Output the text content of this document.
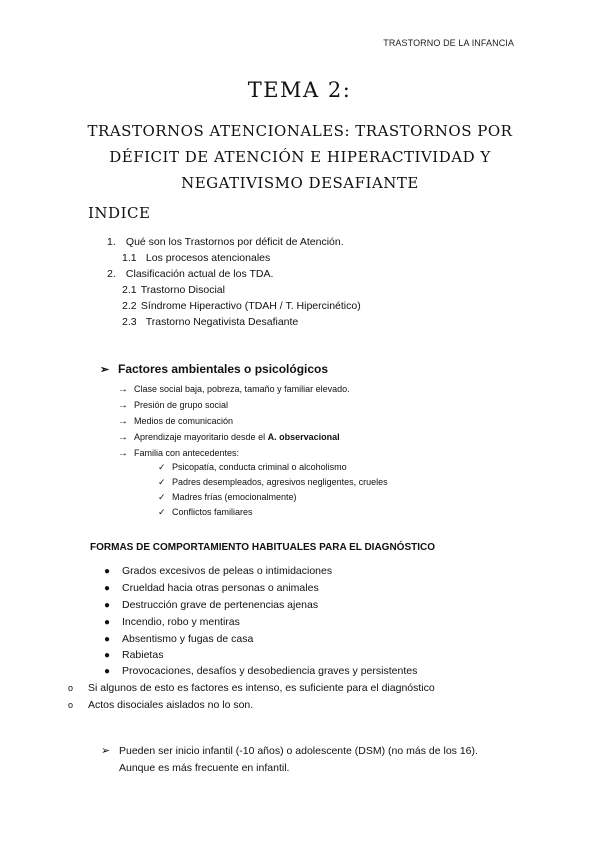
TRASTORNO DE LA INFANCIA
TEMA 2:
TRASTORNOS ATENCIONALES: TRASTORNOS POR DÉFICIT DE ATENCIÓN E HIPERACTIVIDAD Y NEGATIVISMO DESAFIANTE
INDICE
1. Qué son los Trastornos por déficit de Atención.
1.1 Los procesos atencionales
2. Clasificación actual de los TDA.
2.1 Trastorno Disocial
2.2 Síndrome Hiperactivo (TDAH / T. Hipercinético)
2.3 Trastorno Negativista Desafiante
➢ Factores ambientales o psicológicos
→ Clase social baja, pobreza, tamaño y familiar elevado.
→ Presión de grupo social
→ Medios de comunicación
→ Aprendizaje mayoritario desde el A. observacional
→ Familia con antecedentes:
✓ Psicopatía, conducta criminal o alcoholismo
✓ Padres desempleados, agresivos negligentes, crueles
✓ Madres frías (emocionalmente)
✓ Conflictos familiares
FORMAS DE COMPORTAMIENTO HABITUALES PARA EL DIAGNÓSTICO
● Grados excesivos de peleas o intimidaciones
● Crueldad hacia otras personas o animales
● Destrucción grave de pertenencias ajenas
● Incendio, robo y mentiras
● Absentismo y fugas de casa
● Rabietas
● Provocaciones, desafíos y desobediencia graves y persistentes
o Si algunos de esto es factores es intenso, es suficiente para el diagnóstico
o Actos disociales aislados no lo son.
➢ Pueden ser inicio infantil (-10 años) o adolescente (DSM) (no más de los 16).
Aunque es más frecuente en infantil.
